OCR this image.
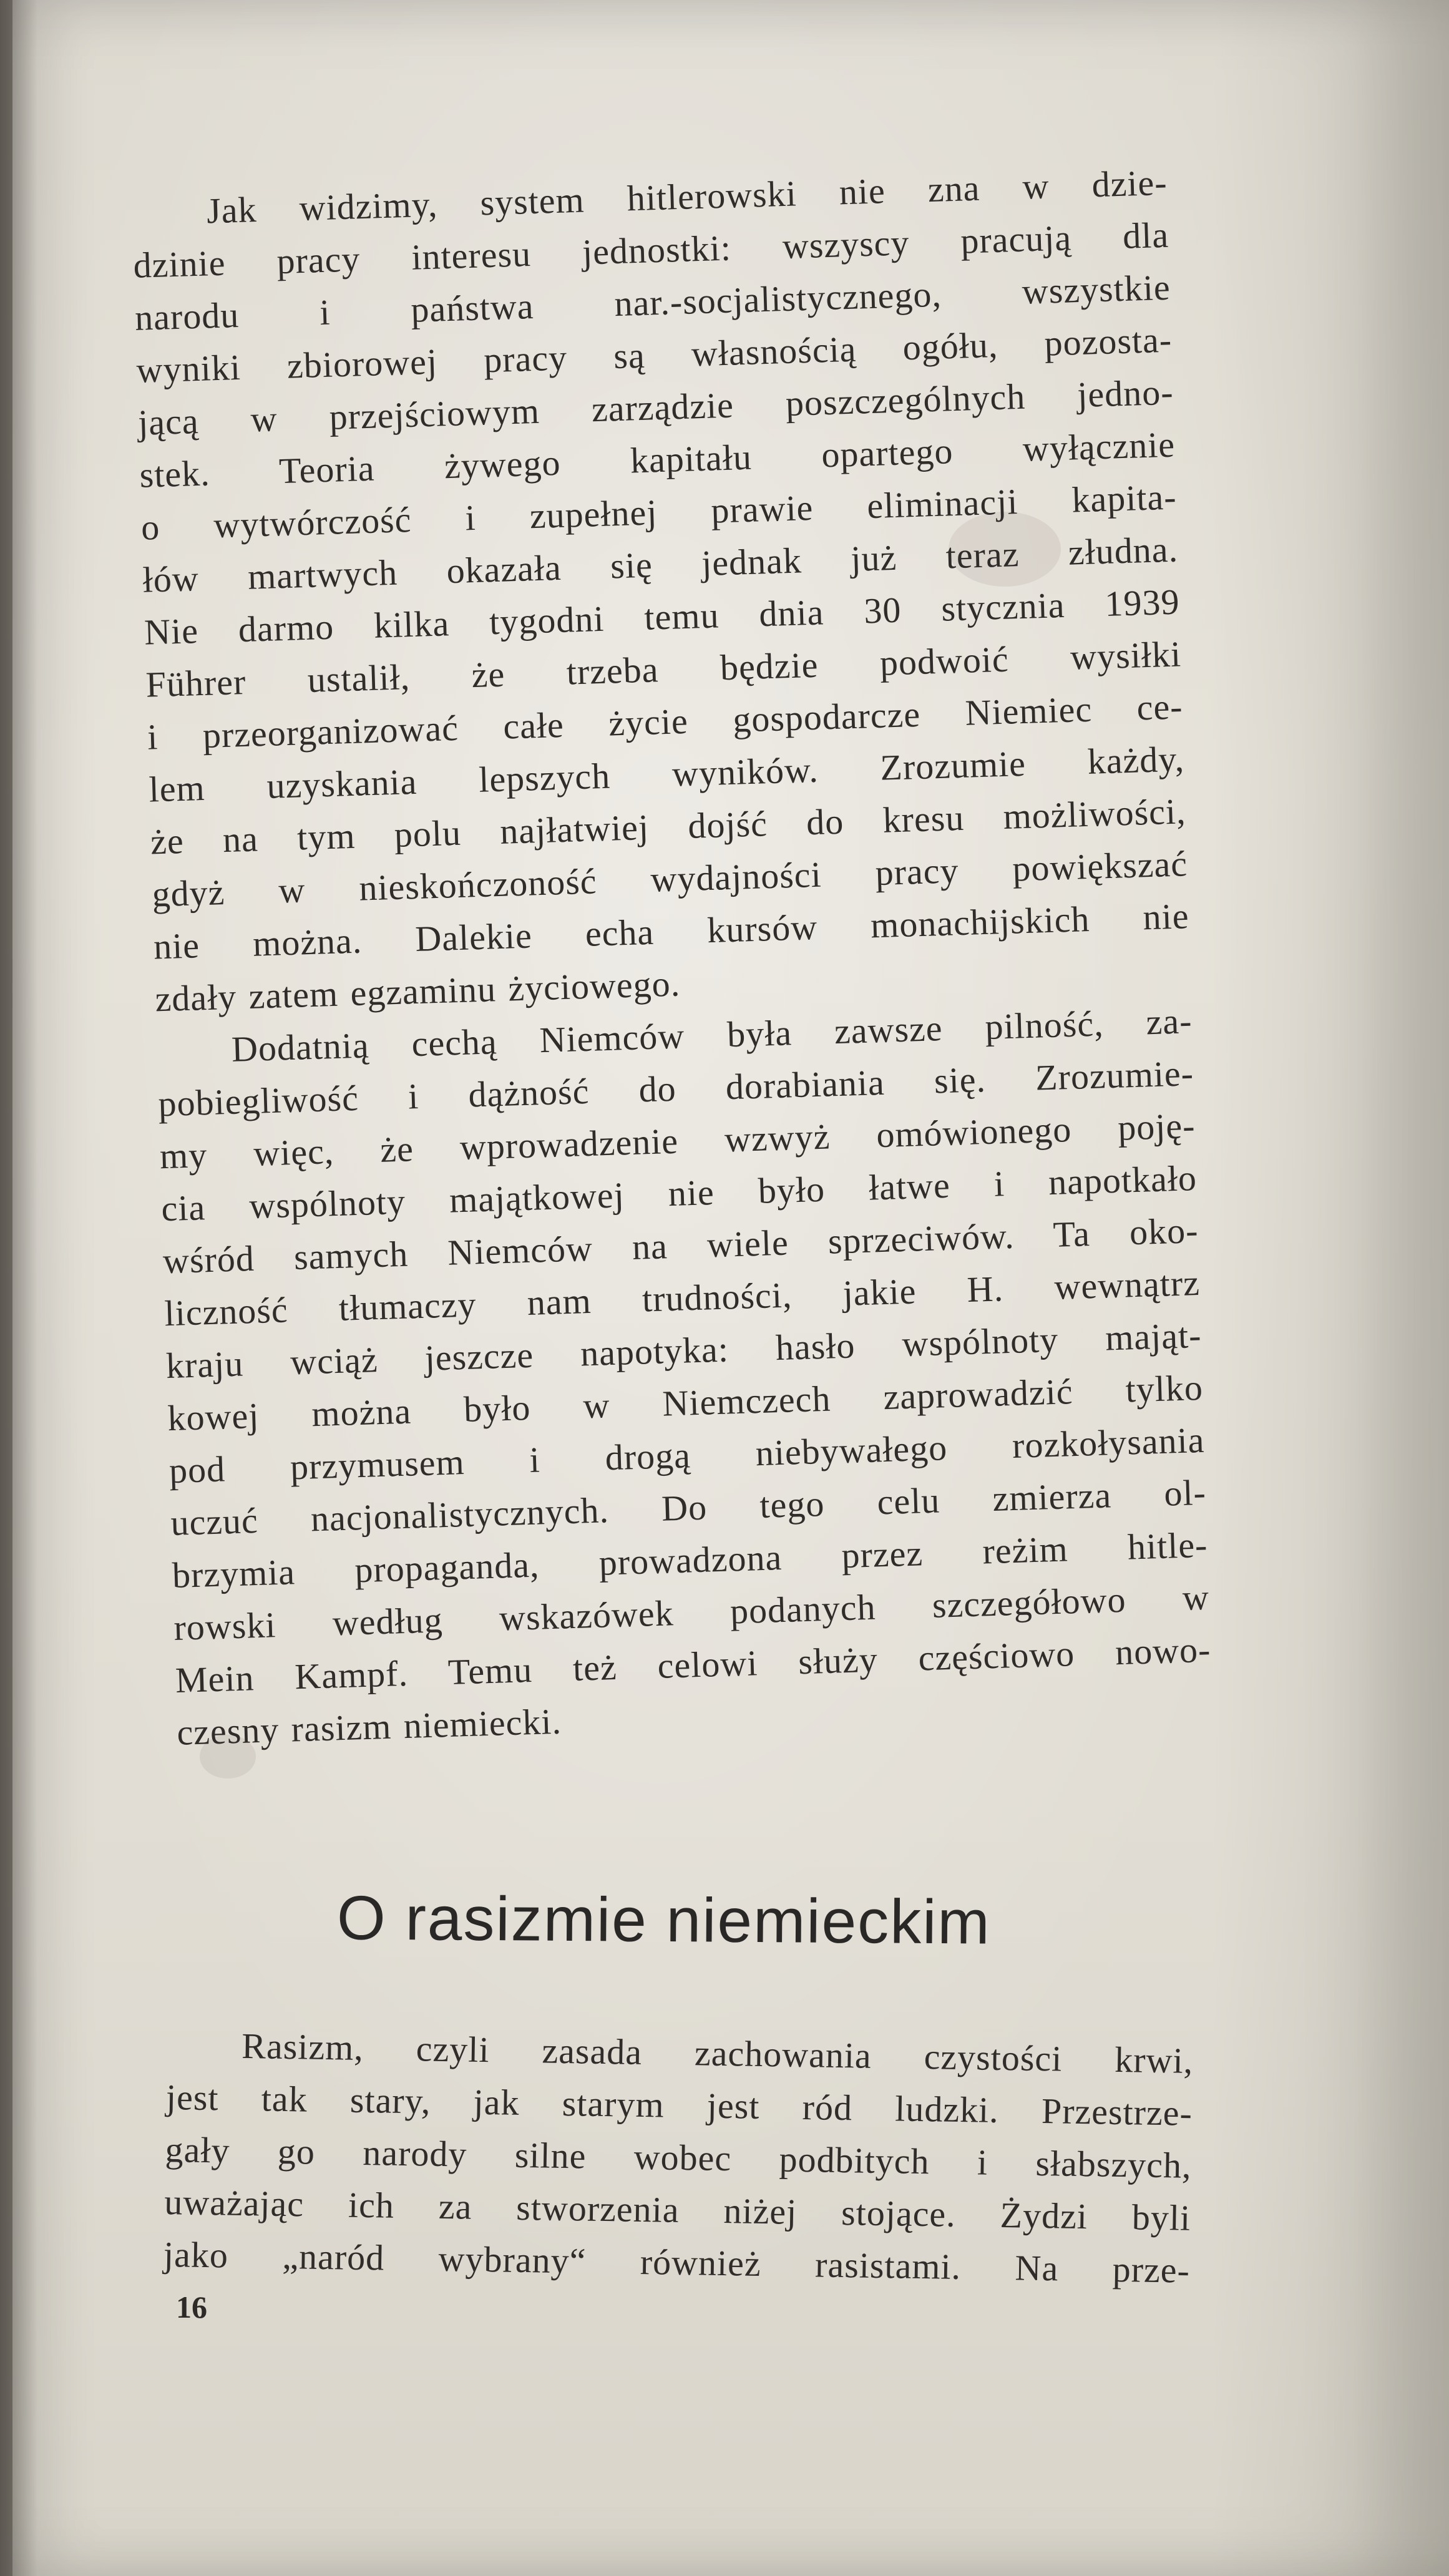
Jak widzimy, system hitlerowski nie zna w dzie-
dzinie pracy interesu jednostki: wszyscy pracują dla
narodu i państwa nar.-socjalistycznego, wszystkie
wyniki zbiorowej pracy są własnością ogółu, pozosta-
jącą w przejściowym zarządzie poszczególnych jedno-
stek. Teoria żywego kapitału opartego wyłącznie
o wytwórczość i zupełnej prawie eliminacji kapita-
łów martwych okazała się jednak już teraz złudna.
Nie darmo kilka tygodni temu dnia 30 stycznia 1939
Führer ustalił, że trzeba będzie podwoić wysiłki
i przeorganizować całe życie gospodarcze Niemiec ce-
lem uzyskania lepszych wyników. Zrozumie każdy,
że na tym polu najłatwiej dojść do kresu możliwości,
gdyż w nieskończoność wydajności pracy powiększać
nie można. Dalekie echa kursów monachijskich nie
zdały zatem egzaminu życiowego.

Dodatnią cechą Niemców była zawsze pilność, za-
pobiegliwość i dążność do dorabiania się. Zrozumie-
my więc, że wprowadzenie wzwyż omówionego poję-
cia wspólnoty majątkowej nie było łatwe i napotkało
wśród samych Niemców na wiele sprzeciwów. Ta oko-
liczność tłumaczy nam trudności, jakie H. wewnątrz
kraju wciąż jeszcze napotyka: hasło wspólnoty mająt-
kowej można było w Niemczech zaprowadzić tylko
pod przymusem i drogą niebywałego rozkołysania
uczuć nacjonalistycznych. Do tego celu zmierza ol-
brzymia propaganda, prowadzona przez reżim hitle-
rowski według wskazówek podanych szczegółowo w
Mein Kampf. Temu też celowi służy częściowo nowo-
czesny rasizm niemiecki.

O rasizmie niemieckim

Rasizm, czyli zasada zachowania czystości krwi,
jest tak stary, jak starym jest ród ludzki. Przestrze-
gały go narody silne wobec podbitych i słabszych,
uważając ich za stworzenia niżej stojące. Żydzi byli
jako „naród wybrany“ również rasistami. Na prze-

16
